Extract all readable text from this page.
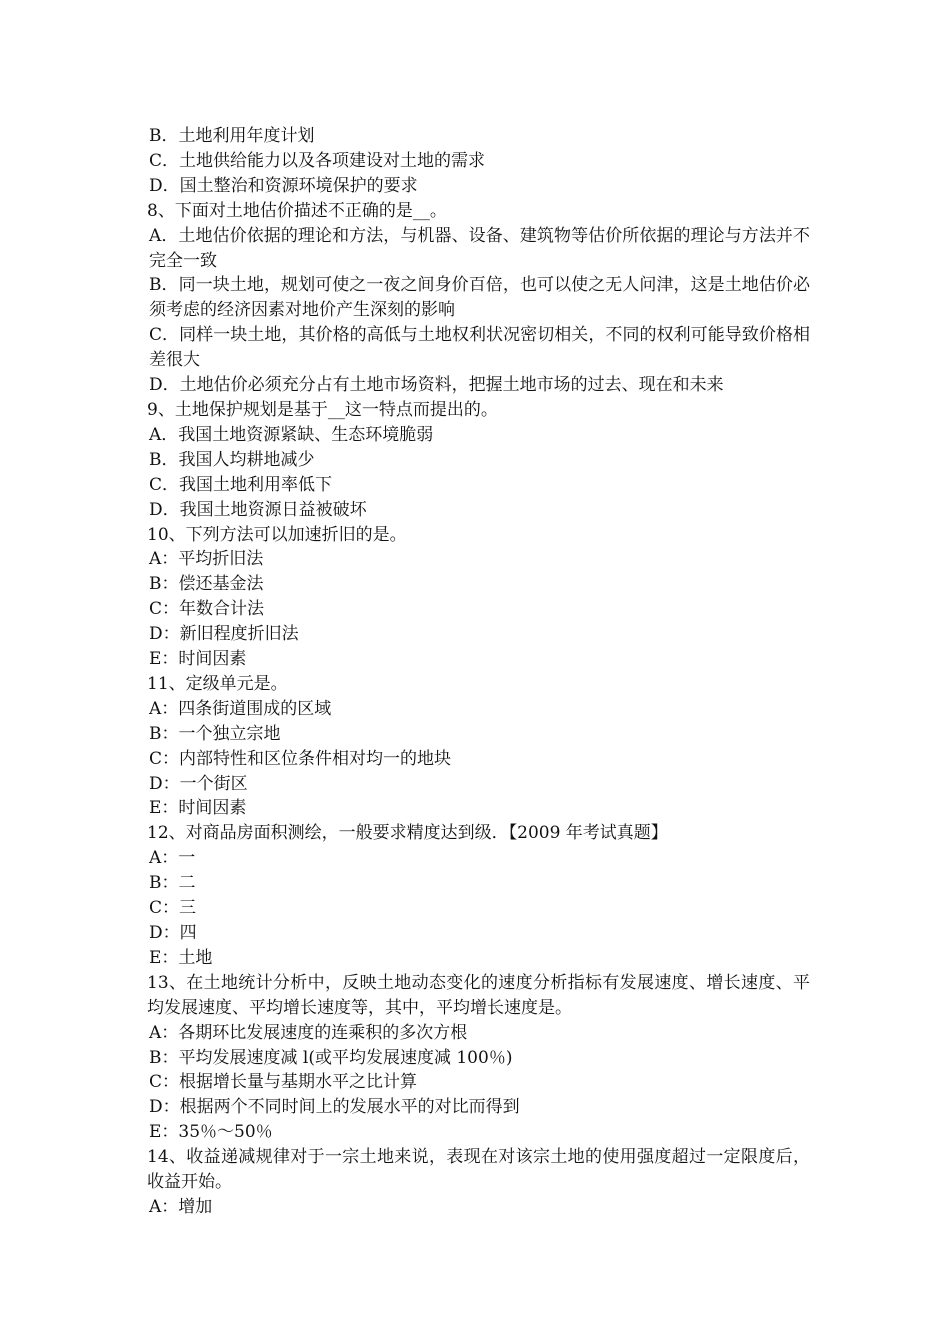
B．土地利用年度计划
C．土地供给能力以及各项建设对土地的需求
D．国土整治和资源环境保护的要求
8、下面对土地估价描述不正确的是__。
A．土地估价依据的理论和方法，与机器、设备、建筑物等估价所依据的理论与方法并不完全一致
B．同一块土地，规划可使之一夜之间身价百倍，也可以使之无人问津，这是土地估价必须考虑的经济因素对地价产生深刻的影响
C．同样一块土地，其价格的高低与土地权利状况密切相关，不同的权利可能导致价格相差很大
D．土地估价必须充分占有土地市场资料，把握土地市场的过去、现在和未来
9、土地保护规划是基于__这一特点而提出的。
A．我国土地资源紧缺、生态环境脆弱
B．我国人均耕地减少
C．我国土地利用率低下
D．我国土地资源日益被破坏
10、下列方法可以加速折旧的是。
A：平均折旧法
B：偿还基金法
C：年数合计法
D：新旧程度折旧法
E：时间因素
11、定级单元是。
A：四条街道围成的区域
B：一个独立宗地
C：内部特性和区位条件相对均一的地块
D：一个街区
E：时间因素
12、对商品房面积测绘，一般要求精度达到级．【2009 年考试真题】
A：一
B：二
C：三
D：四
E：土地
13、在土地统计分析中，反映土地动态变化的速度分析指标有发展速度、增长速度、平均发展速度、平均增长速度等，其中，平均增长速度是。
A：各期环比发展速度的连乘积的多次方根
B：平均发展速度减 l(或平均发展速度减 100％)
C：根据增长量与基期水平之比计算
D：根据两个不同时间上的发展水平的对比而得到
E：35％～50％
14、收益递减规律对于一宗土地来说，表现在对该宗土地的使用强度超过一定限度后，收益开始。
A：增加
